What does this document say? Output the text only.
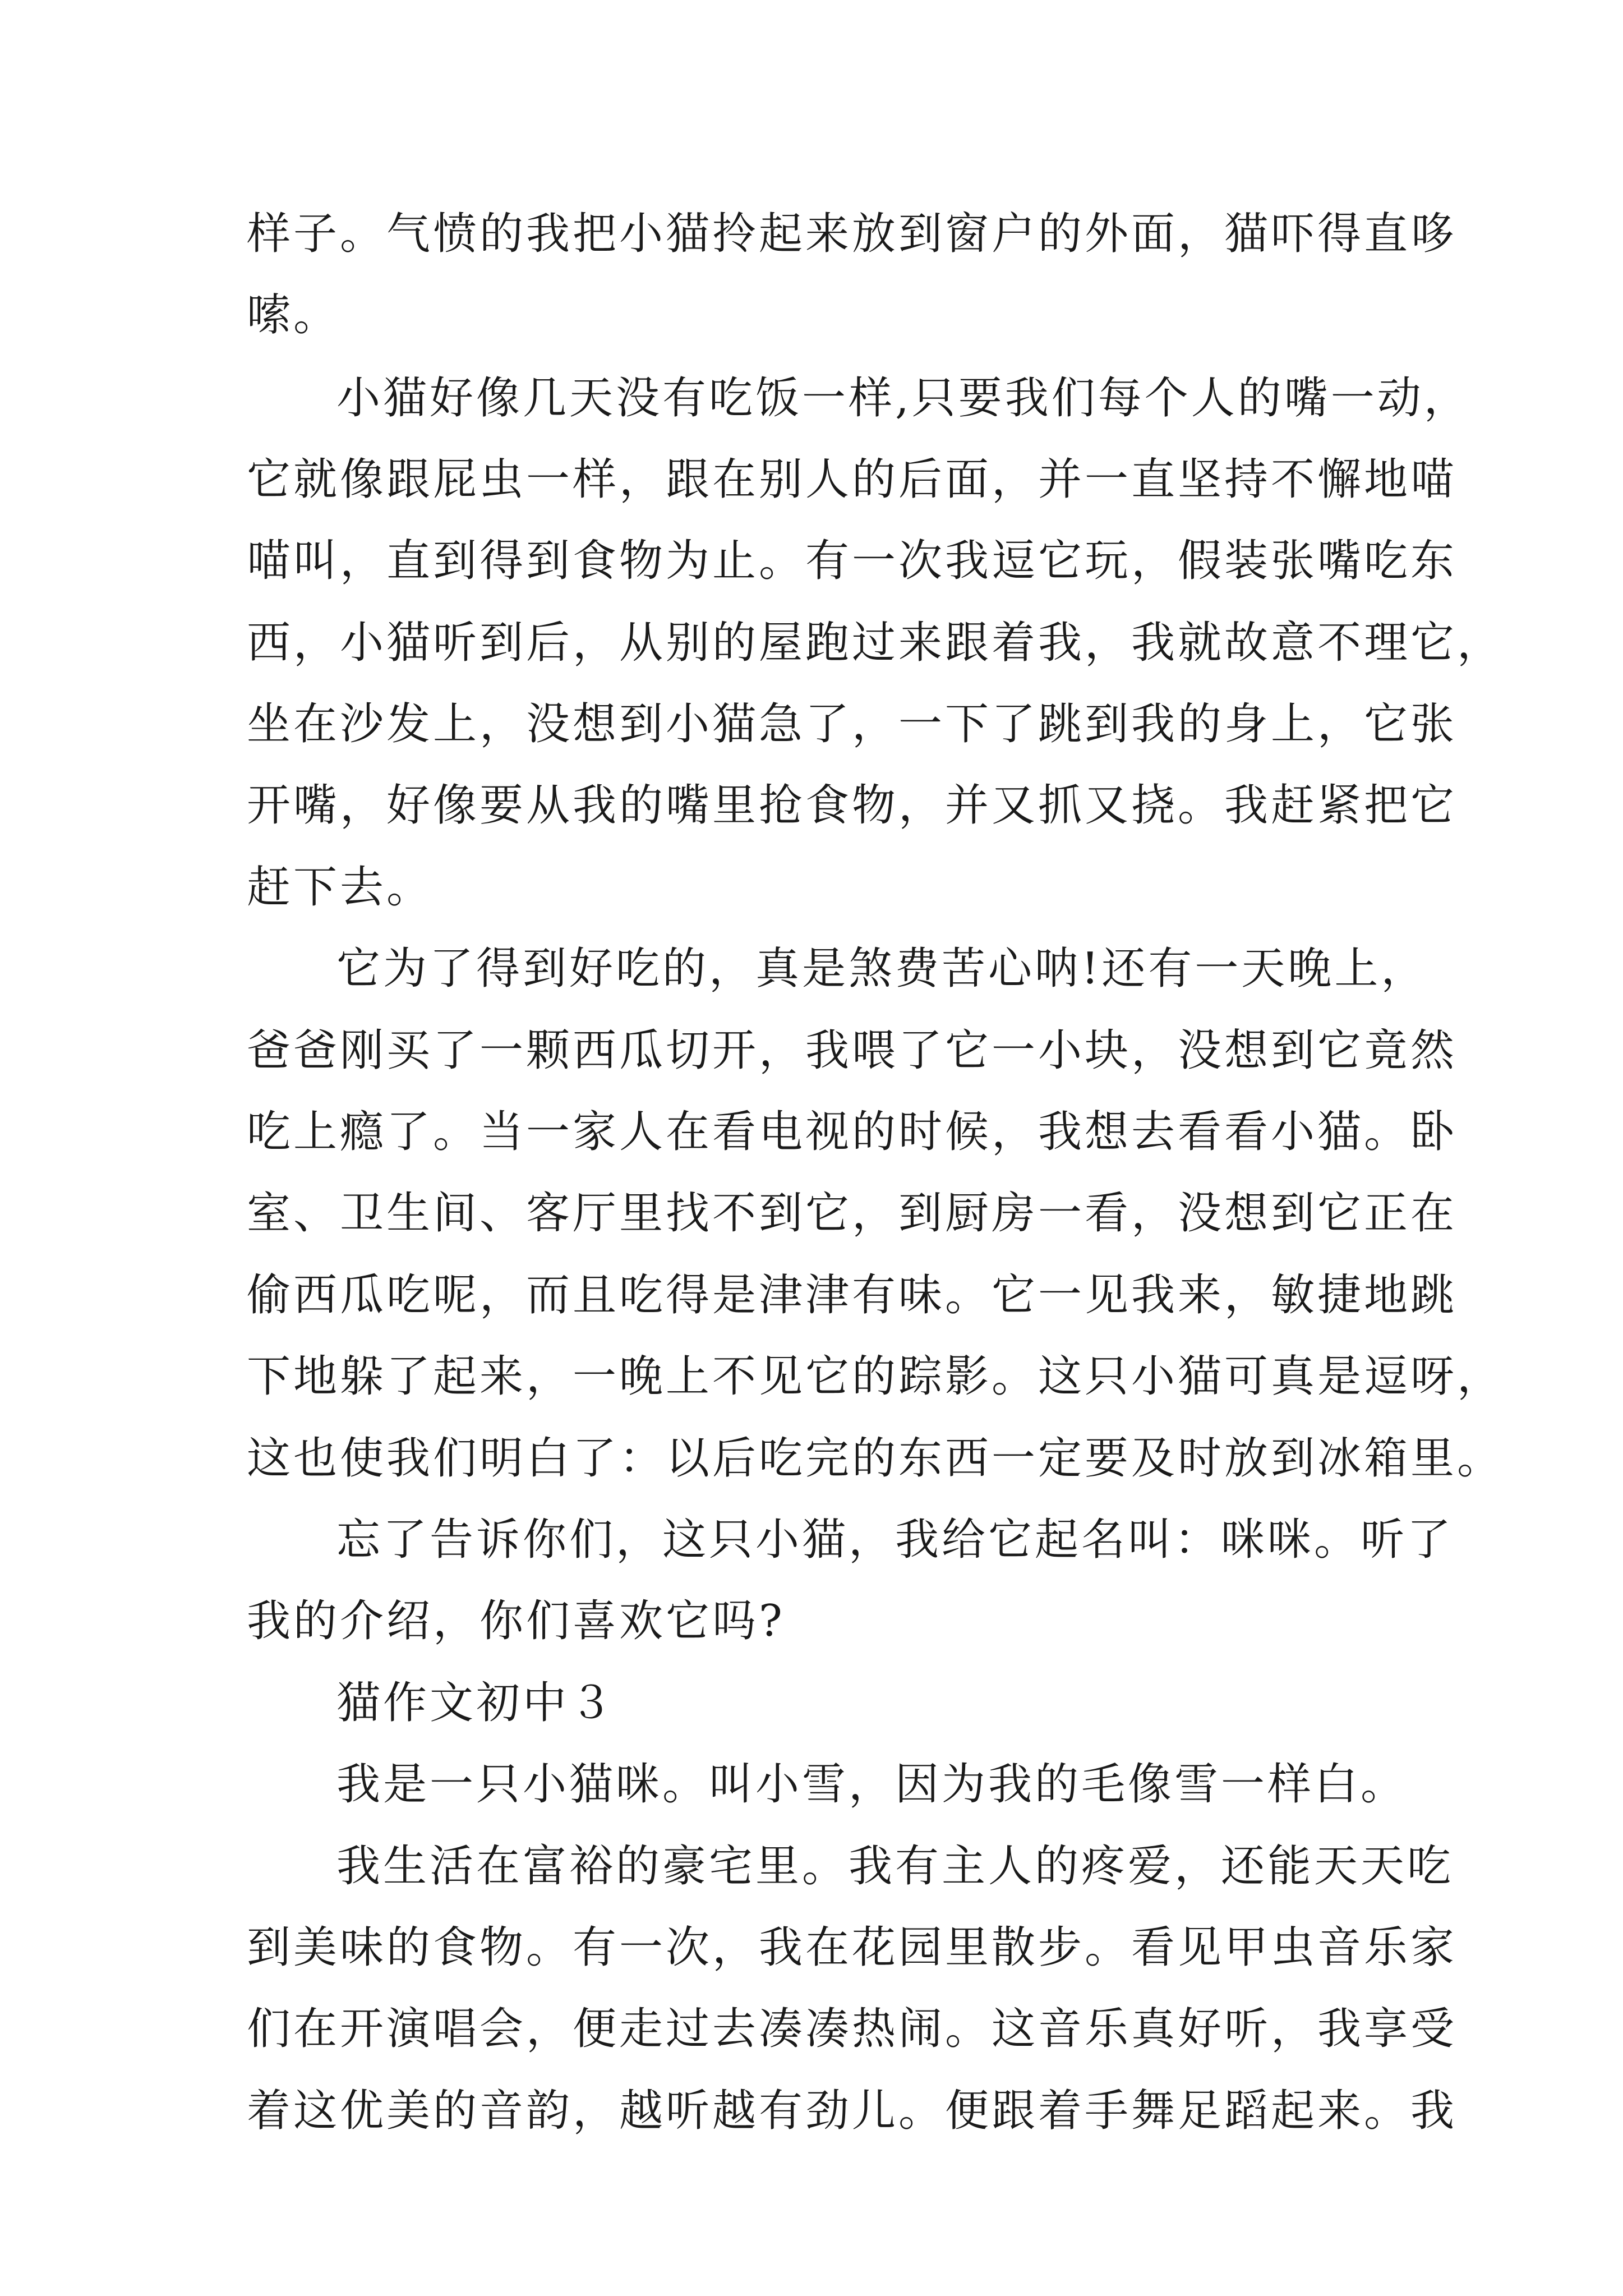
样子。气愤的我把小猫拎起来放到窗户的外面，猫吓得直哆
嗦。
小猫好像几天没有吃饭一样,只要我们每个人的嘴一动，
它就像跟屁虫一样，跟在别人的后面，并一直坚持不懈地喵
喵叫，直到得到食物为止。有一次我逗它玩，假装张嘴吃东
西，小猫听到后，从别的屋跑过来跟着我，我就故意不理它，
坐在沙发上，没想到小猫急了，一下了跳到我的身上，它张
开嘴，好像要从我的嘴里抢食物，并又抓又挠。我赶紧把它
赶下去。
它为了得到好吃的，真是煞费苦心呐!还有一天晚上，
爸爸刚买了一颗西瓜切开，我喂了它一小块，没想到它竟然
吃上瘾了。当一家人在看电视的时候，我想去看看小猫。卧
室、卫生间、客厅里找不到它，到厨房一看，没想到它正在
偷西瓜吃呢，而且吃得是津津有味。它一见我来，敏捷地跳
下地躲了起来，一晚上不见它的踪影。这只小猫可真是逗呀，
这也使我们明白了：以后吃完的东西一定要及时放到冰箱里。
忘了告诉你们，这只小猫，我给它起名叫：咪咪。听了
我的介绍，你们喜欢它吗?
猫作文初中３
我是一只小猫咪。叫小雪，因为我的毛像雪一样白。
我生活在富裕的豪宅里。我有主人的疼爱，还能天天吃
到美味的食物。有一次，我在花园里散步。看见甲虫音乐家
们在开演唱会，便走过去凑凑热闹。这音乐真好听，我享受
着这优美的音韵，越听越有劲儿。便跟着手舞足蹈起来。我
